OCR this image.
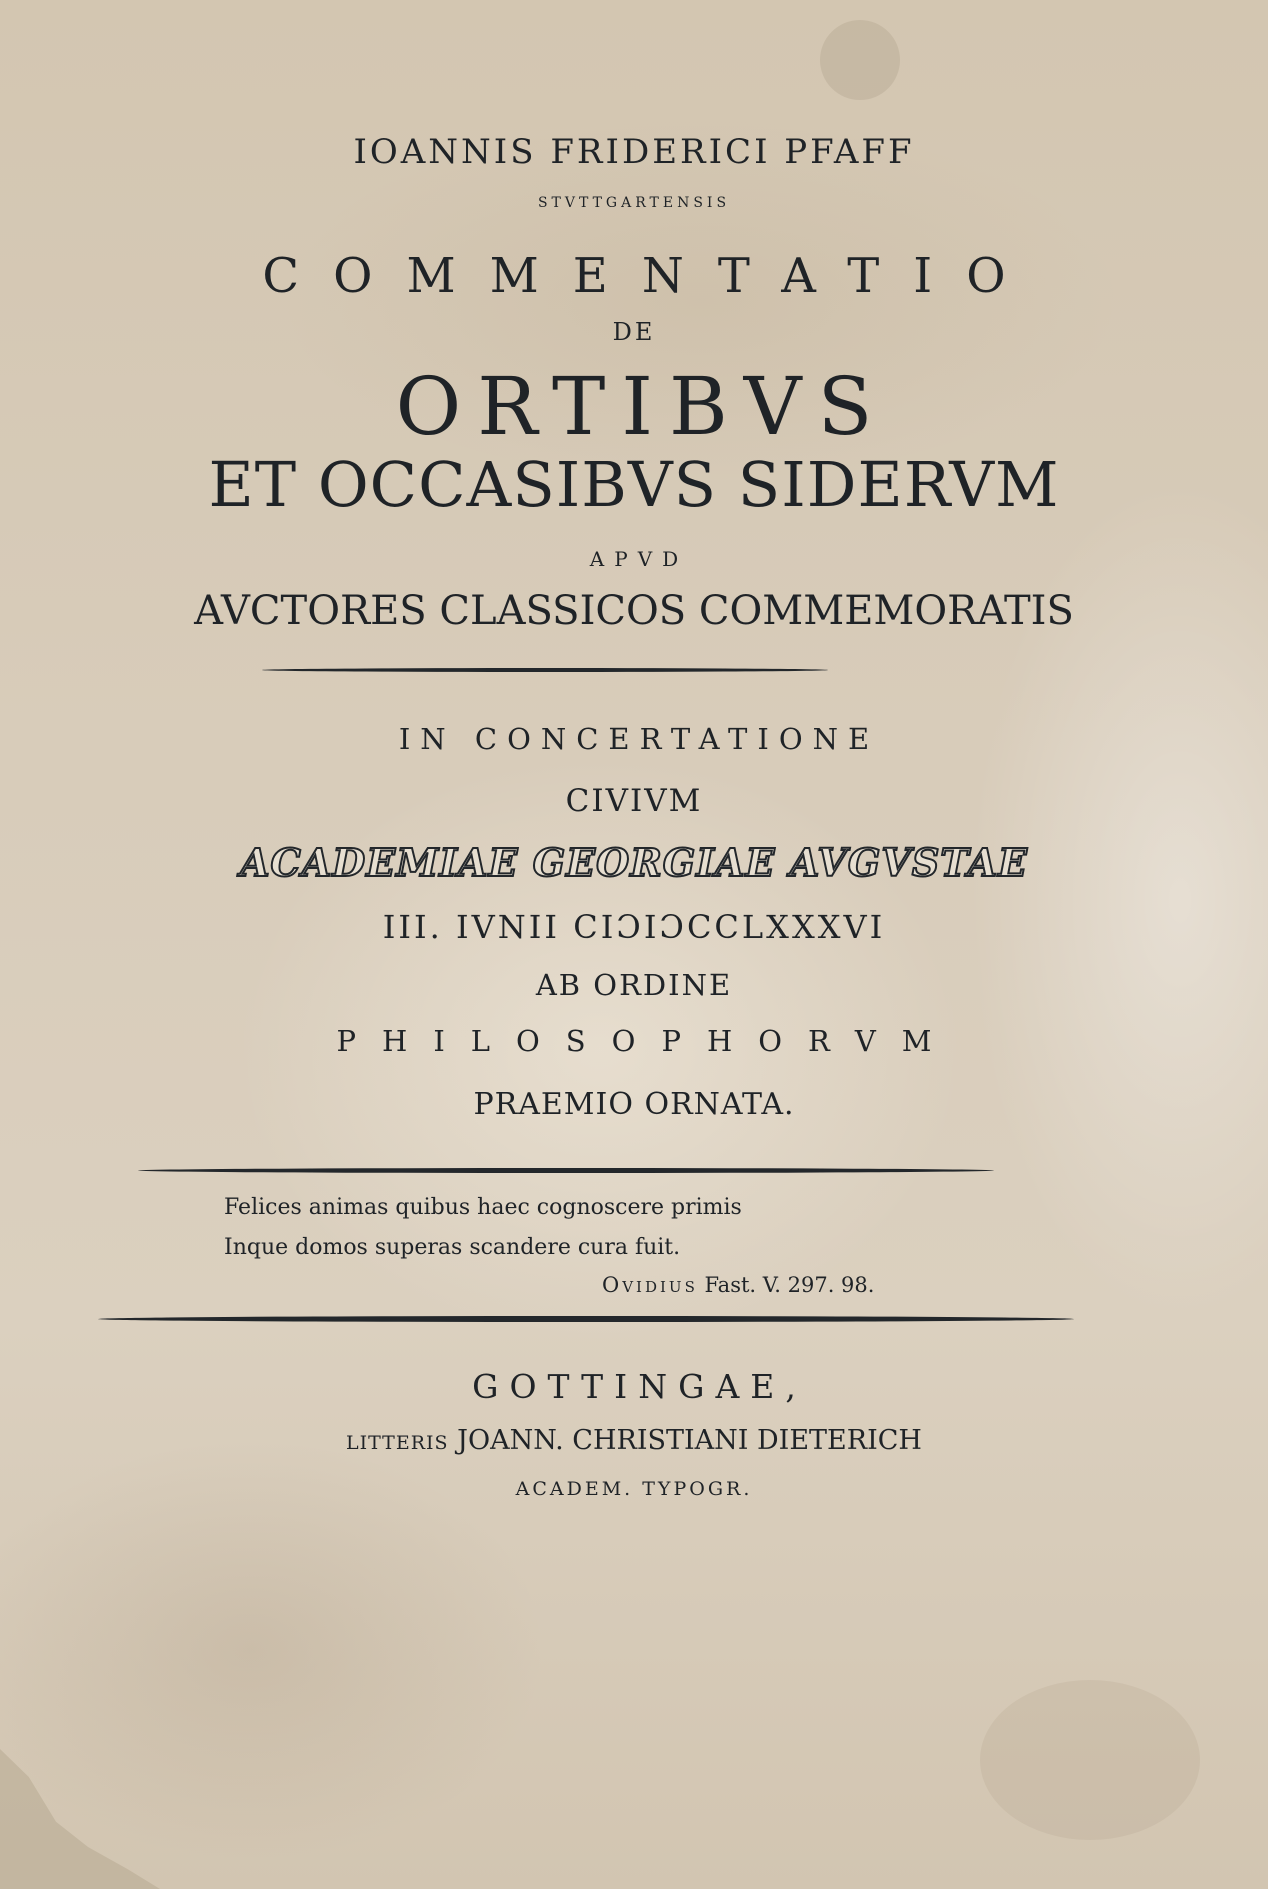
IOANNIS FRIDERICI PFAFF
STVTTGARTENSIS
COMMENTATIO
DE
ORTIBVS
ET OCCASIBVS SIDERVM
APVD
AVCTORES CLASSICOS COMMEMORATIS
IN CONCERTATIONE
CIVIVM
ACADEMIAE GEORGIAE AVGVSTAE
III. IVNII CIƆIƆCCLXXXVI
AB ORDINE
PHILOSOPHORVM
PRAEMIO ORNATA.
Felices animas quibus haec cognoscere primis
Inque domos superas scandere cura fuit.
Ovidius Fast. V. 297. 98.
GOTTINGAE,
LITTERIS JOANN. CHRISTIANI DIETERICH
ACADEM. TYPOGR.
